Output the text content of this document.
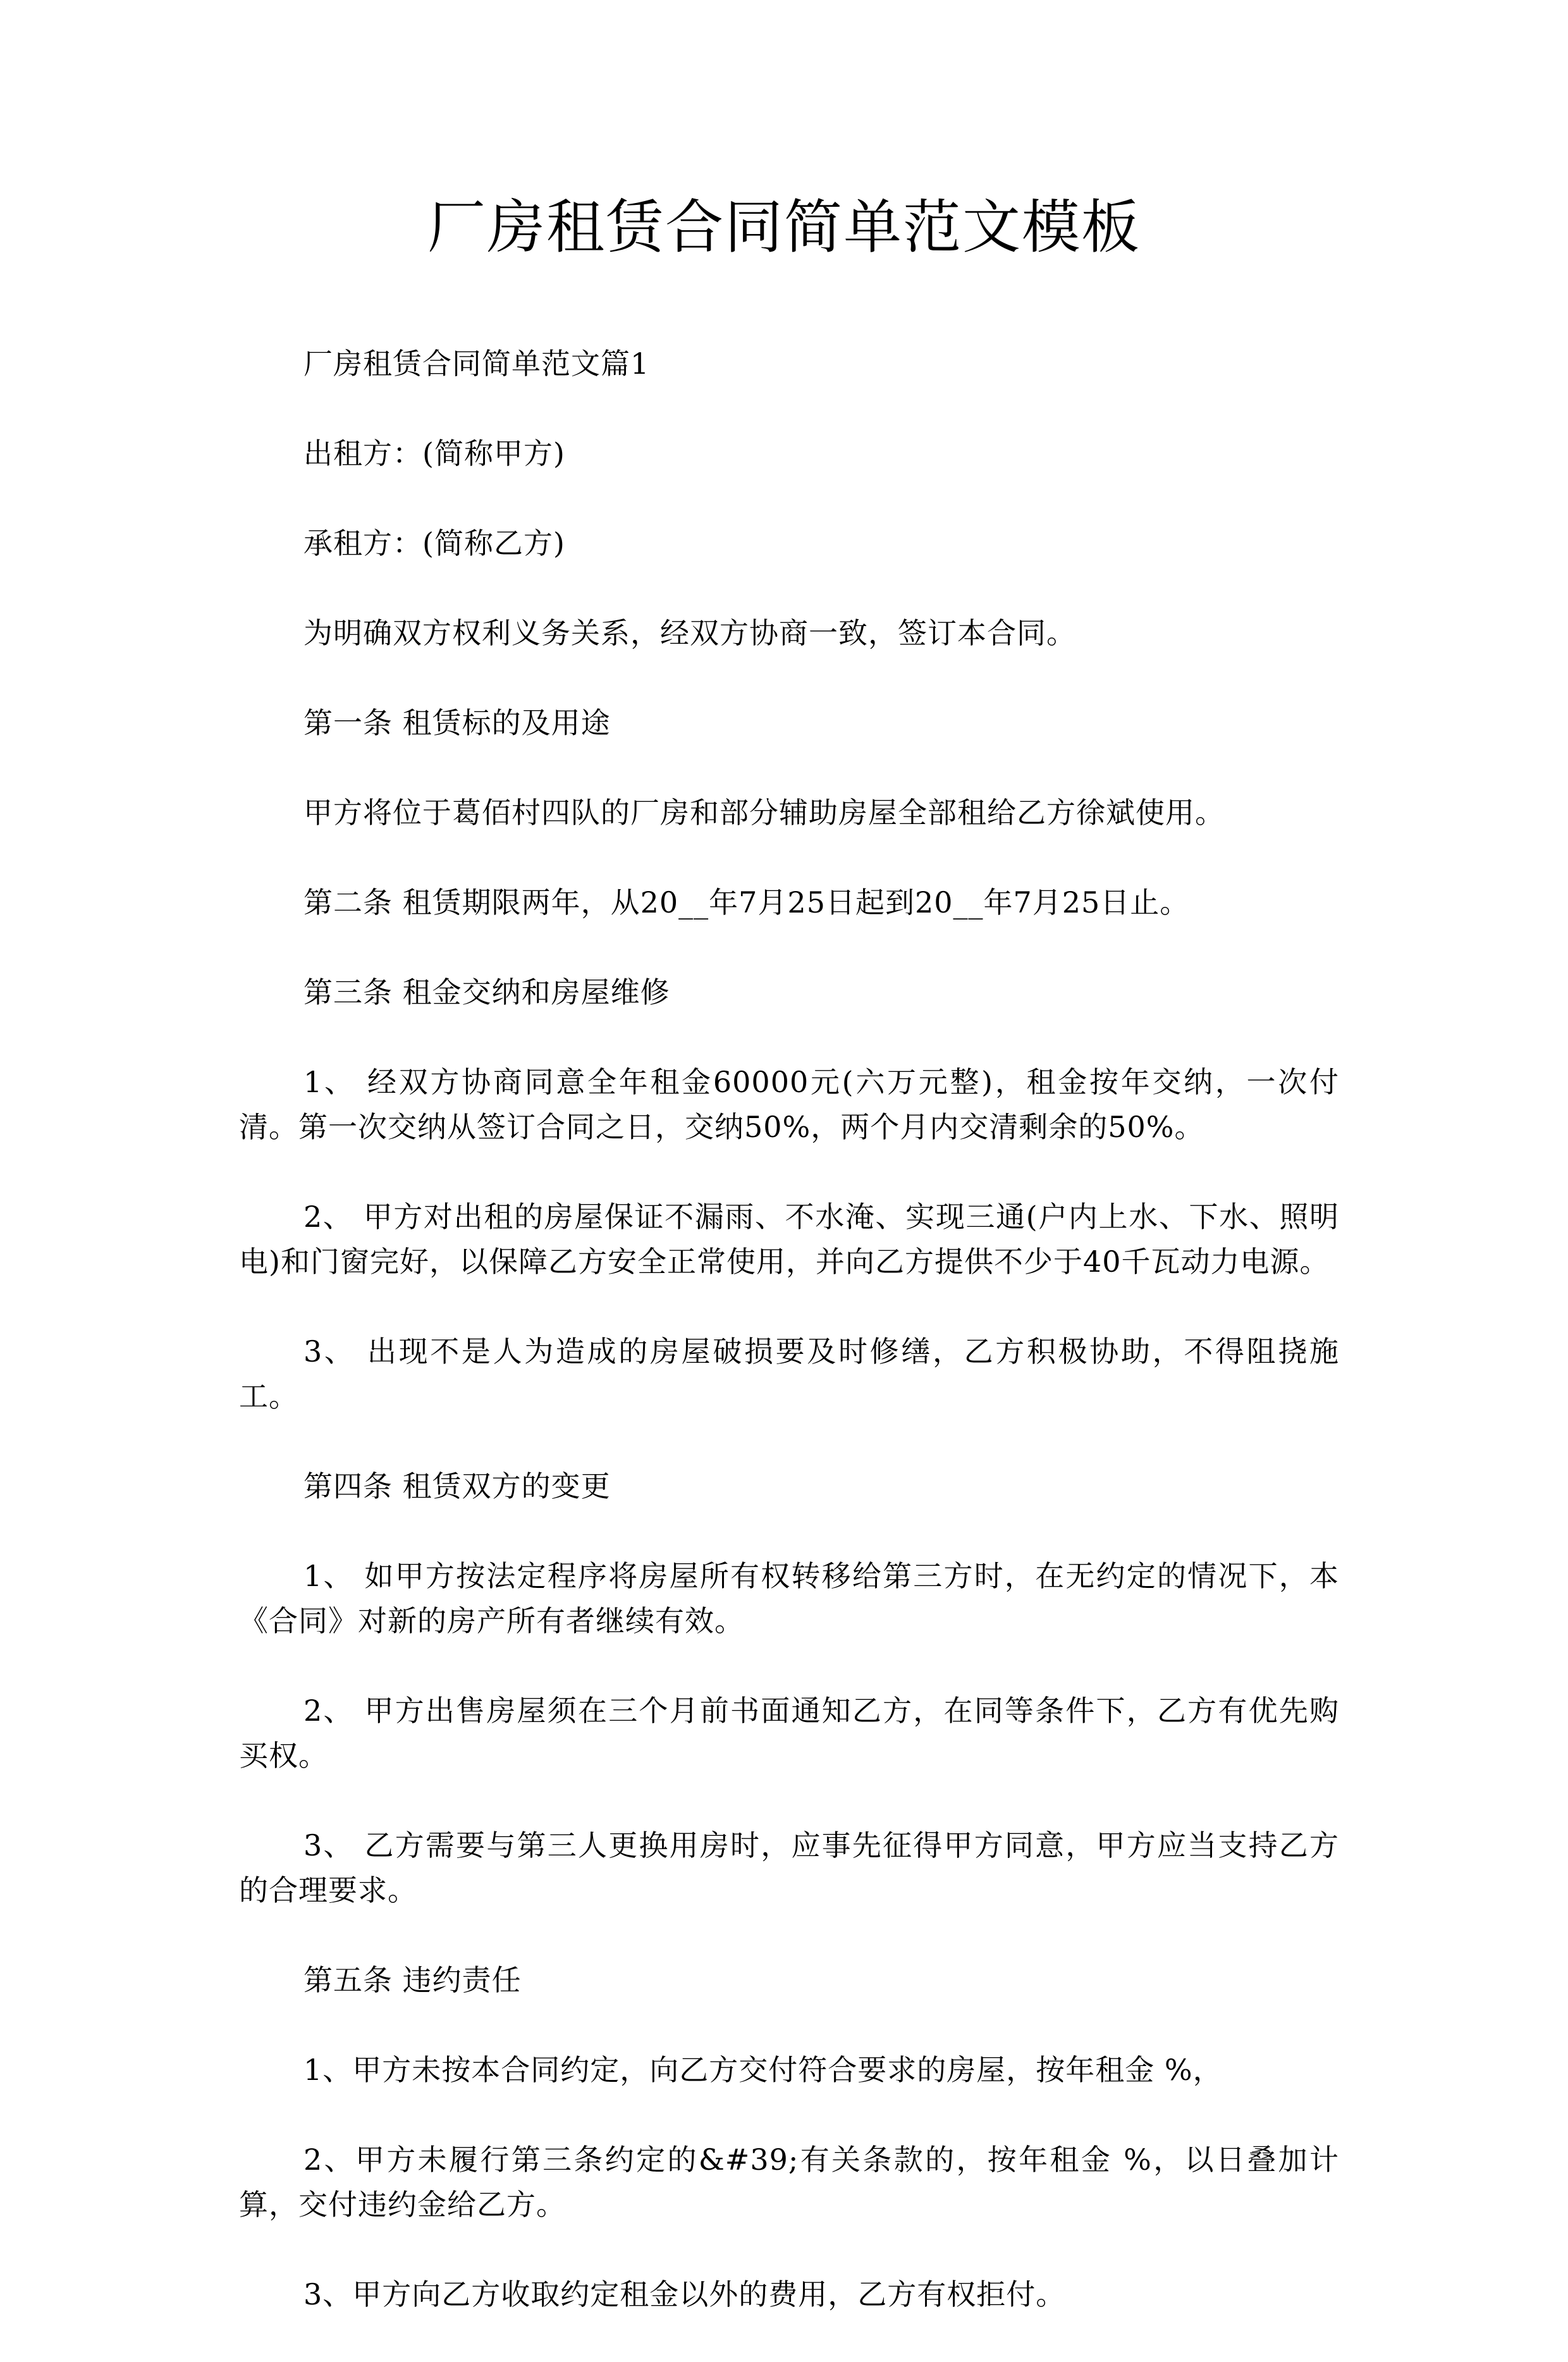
厂房租赁合同简单范文模板

厂房租赁合同简单范文篇1

出租方：(简称甲方)

承租方：(简称乙方)

为明确双方权利义务关系，经双方协商一致，签订本合同。

第一条 租赁标的及用途

甲方将位于葛佰村四队的厂房和部分辅助房屋全部租给乙方徐斌使用。

第二条 租赁期限两年，从20__年7月25日起到20__年7月25日止。

第三条 租金交纳和房屋维修

1、 经双方协商同意全年租金60000元(六万元整)，租金按年交纳，一次付清。第一次交纳从签订合同之日，交纳50%，两个月内交清剩余的50%。

2、 甲方对出租的房屋保证不漏雨、不水淹、实现三通(户内上水、下水、照明电)和门窗完好，以保障乙方安全正常使用，并向乙方提供不少于40千瓦动力电源。

3、 出现不是人为造成的房屋破损要及时修缮，乙方积极协助，不得阻挠施工。

第四条 租赁双方的变更

1、 如甲方按法定程序将房屋所有权转移给第三方时，在无约定的情况下，本《合同》对新的房产所有者继续有效。

2、 甲方出售房屋须在三个月前书面通知乙方，在同等条件下，乙方有优先购买权。

3、 乙方需要与第三人更换用房时，应事先征得甲方同意，甲方应当支持乙方的合理要求。

第五条 违约责任

1、甲方未按本合同约定，向乙方交付符合要求的房屋，按年租金 %，

2、甲方未履行第三条约定的&#39;有关条款的，按年租金 %，以日叠加计算，交付违约金给乙方。

3、甲方向乙方收取约定租金以外的费用，乙方有权拒付。
